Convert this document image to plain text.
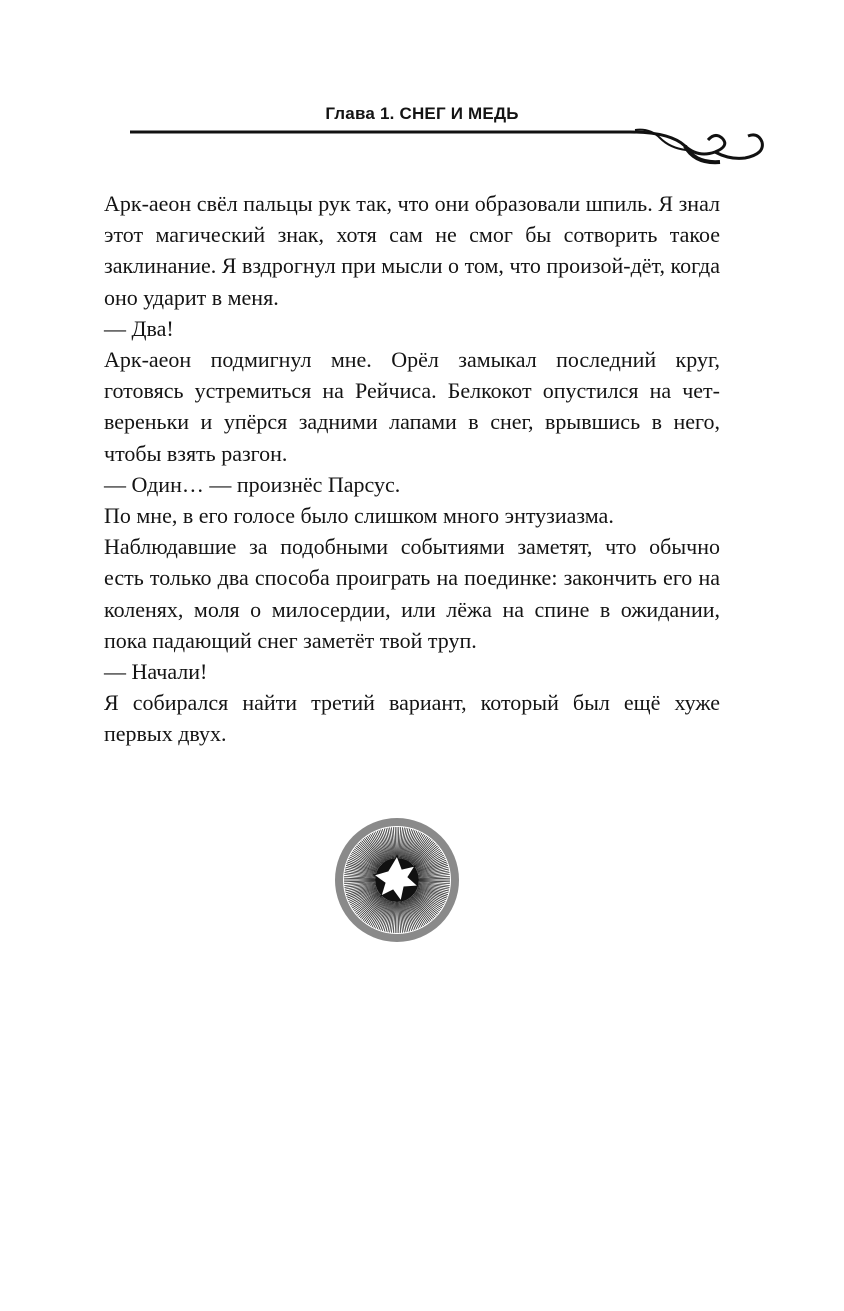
Глава 1. СНЕГ И МЕДЬ

Арк-аеон свёл пальцы рук так, что они образовали шпиль. Я знал этот магический знак, хотя сам не смог бы сотворить такое заклинание. Я вздрогнул при мысли о том, что произой-дёт, когда оно ударит в меня.

— Два!

Арк-аеон подмигнул мне. Орёл замыкал последний круг, готовясь устремиться на Рейчиса. Белкокот опустился на чет-вереньки и упёрся задними лапами в снег, врывшись в него, чтобы взять разгон.

— Один… — произнёс Парсус.

По мне, в его голосе было слишком много энтузиазма.

Наблюдавшие за подобными событиями заметят, что обычно есть только два способа проиграть на поединке: закончить его на коленях, моля о милосердии, или лёжа на спине в ожидании, пока падающий снег заметёт твой труп.

— Начали!

Я собирался найти третий вариант, который был ещё хуже первых двух.
